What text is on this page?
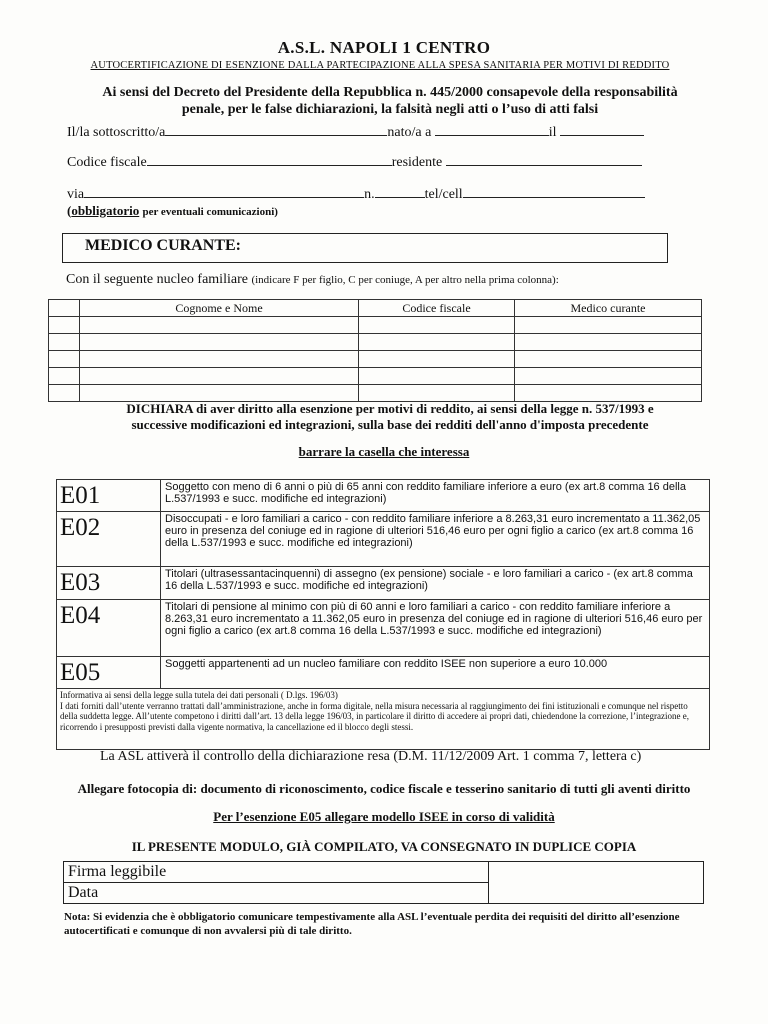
A.S.L. NAPOLI 1 CENTRO
AUTOCERTIFICAZIONE DI ESENZIONE DALLA PARTECIPAZIONE ALLA SPESA SANITARIA PER MOTIVI DI REDDITO
Ai sensi del Decreto del Presidente della Repubblica n. 445/2000 consapevole della responsabilità
penale, per le false dichiarazioni, la falsità negli atti o l’uso di atti falsi
Il/la sottoscritto/a	nato/a a	il
Codice fiscale	residente
via	n.	tel/cell
(obbligatorio per eventuali comunicazioni)
MEDICO CURANTE:
Con il seguente nucleo familiare (indicare F per figlio, C per coniuge, A per altro nella prima colonna):
	Cognome e Nome	Codice fiscale	Medico curante

DICHIARA di aver diritto alla esenzione per motivi di reddito, ai sensi della legge n. 537/1993 e
successive modificazioni ed integrazioni, sulla base dei redditi dell'anno d'imposta precedente
barrare la casella che interessa
E01	Soggetto con meno di 6 anni o più di 65 anni con reddito familiare inferiore a euro (ex art.8 comma 16 della L.537/1993 e succ. modifiche ed integrazioni)
E02	Disoccupati - e loro familiari a carico - con reddito familiare inferiore a 8.263,31 euro incrementato a 11.362,05 euro in presenza del coniuge ed in ragione di ulteriori 516,46 euro per ogni figlio a carico (ex art.8 comma 16 della L.537/1993 e succ. modifiche ed integrazioni)
E03	Titolari (ultrasessantacinquenni) di assegno (ex pensione) sociale - e loro familiari a carico - (ex art.8 comma 16 della L.537/1993 e succ. modifiche ed integrazioni)
E04	Titolari di pensione al minimo con più di 60 anni e loro familiari a carico - con reddito familiare inferiore a 8.263,31 euro incrementato a 11.362,05 euro in presenza del coniuge ed in ragione di ulteriori 516,46 euro per ogni figlio a carico (ex art.8 comma 16 della L.537/1993 e succ. modifiche ed integrazioni)
E05	Soggetti appartenenti ad un nucleo familiare con reddito ISEE non superiore a euro 10.000

Informativa ai sensi della legge sulla tutela dei dati personali ( D.lgs. 196/03)
I dati forniti dall’utente verranno trattati dall’amministrazione, anche in forma digitale, nella misura necessaria al raggiungimento dei fini istituzionali e comunque nel rispetto della suddetta legge. All’utente competono i diritti dall’art. 13 della legge 196/03, in particolare il diritto di accedere ai propri dati, chiedendone la correzione, l’integrazione e, ricorrendo i presupposti previsti dalla vigente normativa, la cancellazione ed il blocco degli stessi.	
La ASL attiverà il controllo della dichiarazione resa (D.M. 11/12/2009 Art. 1 comma 7, lettera c)
Allegare fotocopia di: documento di riconoscimento, codice fiscale e tesserino sanitario di tutti gli aventi diritto
Per l’esenzione E05 allegare modello ISEE in corso di validità
IL PRESENTE MODULO, GIÀ COMPILATO, VA CONSEGNATO IN DUPLICE COPIA
Firma leggibile	
Data
Nota: Si evidenzia che è obbligatorio comunicare tempestivamente alla ASL l’eventuale perdita dei requisiti del diritto all’esenzione autocertificati e comunque di non avvalersi più di tale diritto.
